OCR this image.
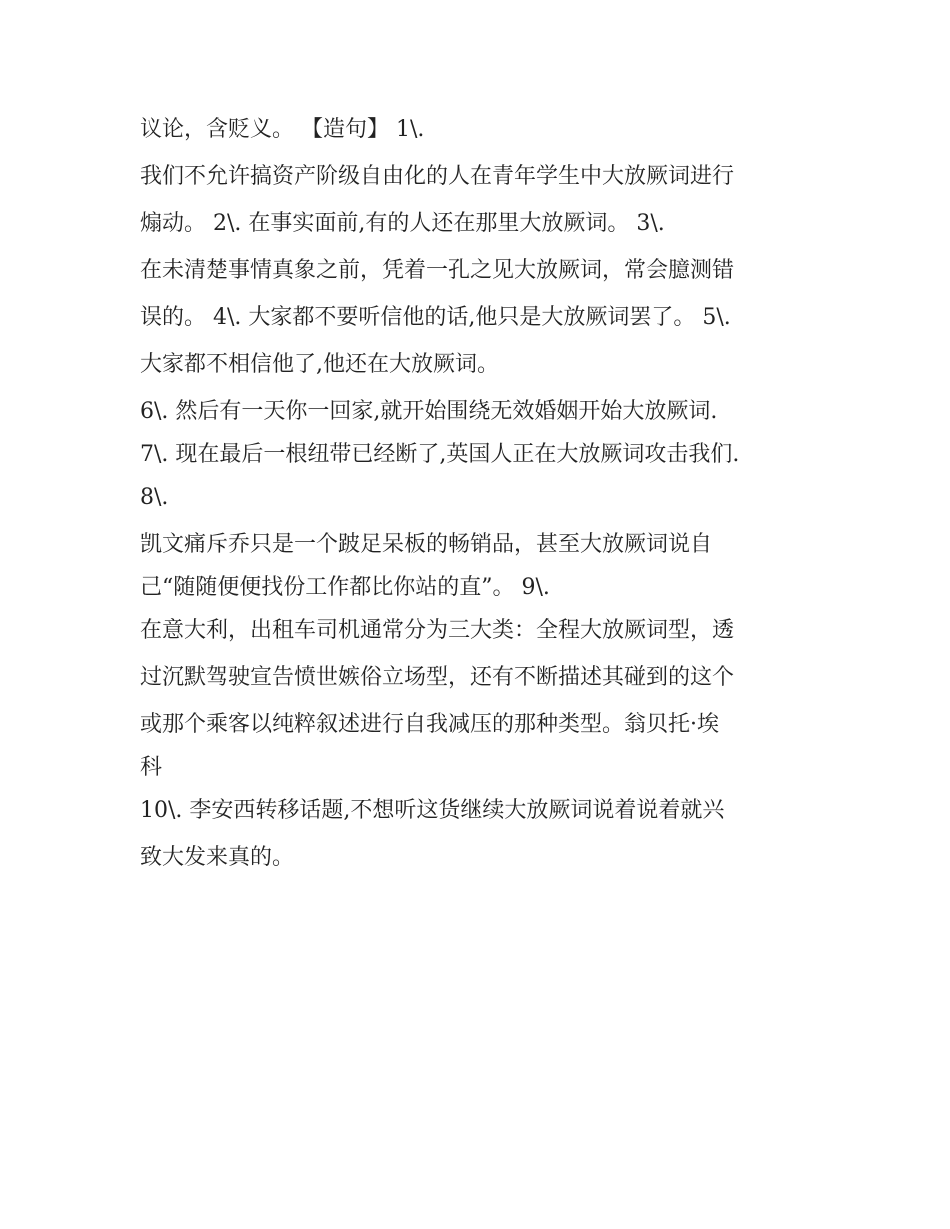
议论，含贬义。 【造句】 1\.

我们不允许搞资产阶级自由化的人在青年学生中大放厥词进行

煽动。 2\. 在事实面前,有的人还在那里大放厥词。 3\.

在未清楚事情真象之前，凭着一孔之见大放厥词，常会臆测错

误的。 4\. 大家都不要听信他的话,他只是大放厥词罢了。 5\.

大家都不相信他了,他还在大放厥词。

6\. 然后有一天你一回家,就开始围绕无效婚姻开始大放厥词.

7\. 现在最后一根纽带已经断了,英国人正在大放厥词攻击我们.

8\.

凯文痛斥乔只是一个跛足呆板的畅销品，甚至大放厥词说自

己“随随便便找份工作都比你站的直”。 9\.

在意大利，出租车司机通常分为三大类：全程大放厥词型，透

过沉默驾驶宣告愤世嫉俗立场型，还有不断描述其碰到的这个

或那个乘客以纯粹叙述进行自我减压的那种类型。翁贝托·埃

科

10\. 李安西转移话题,不想听这货继续大放厥词说着说着就兴

致大发来真的。
